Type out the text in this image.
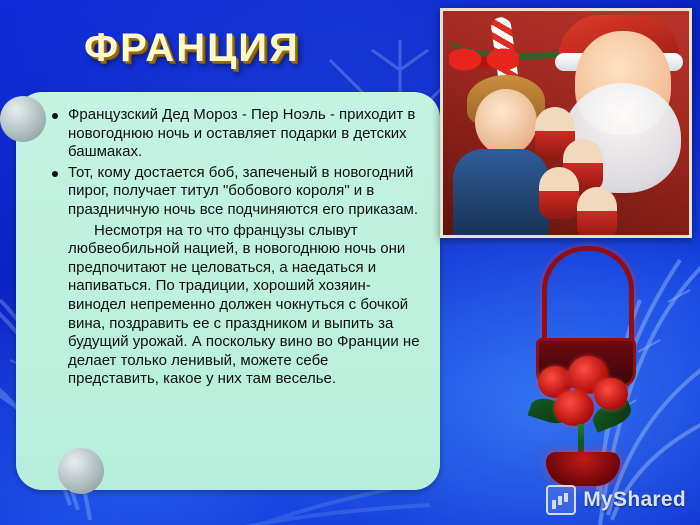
ФРАНЦИЯ
Французский Дед Мороз - Пер Ноэль - приходит в новогоднюю ночь и оставляет подарки в детских башмаках.
Тот, кому достается боб, запеченый в новогодний пирог, получает титул "бобового короля" и в праздничную ночь все подчиняются его приказам.
Несмотря на то что французы слывут любвеобильной нацией, в новогоднюю ночь они предпочитают не целоваться, а наедаться и напиваться. По традиции, хороший хозяин-винодел непременно должен чокнуться с бочкой вина, поздравить ее с праздником и выпить за будущий урожай. А поскольку вино во Франции не делает только ленивый, можете себе представить, какое у них там веселье.
MyShared
